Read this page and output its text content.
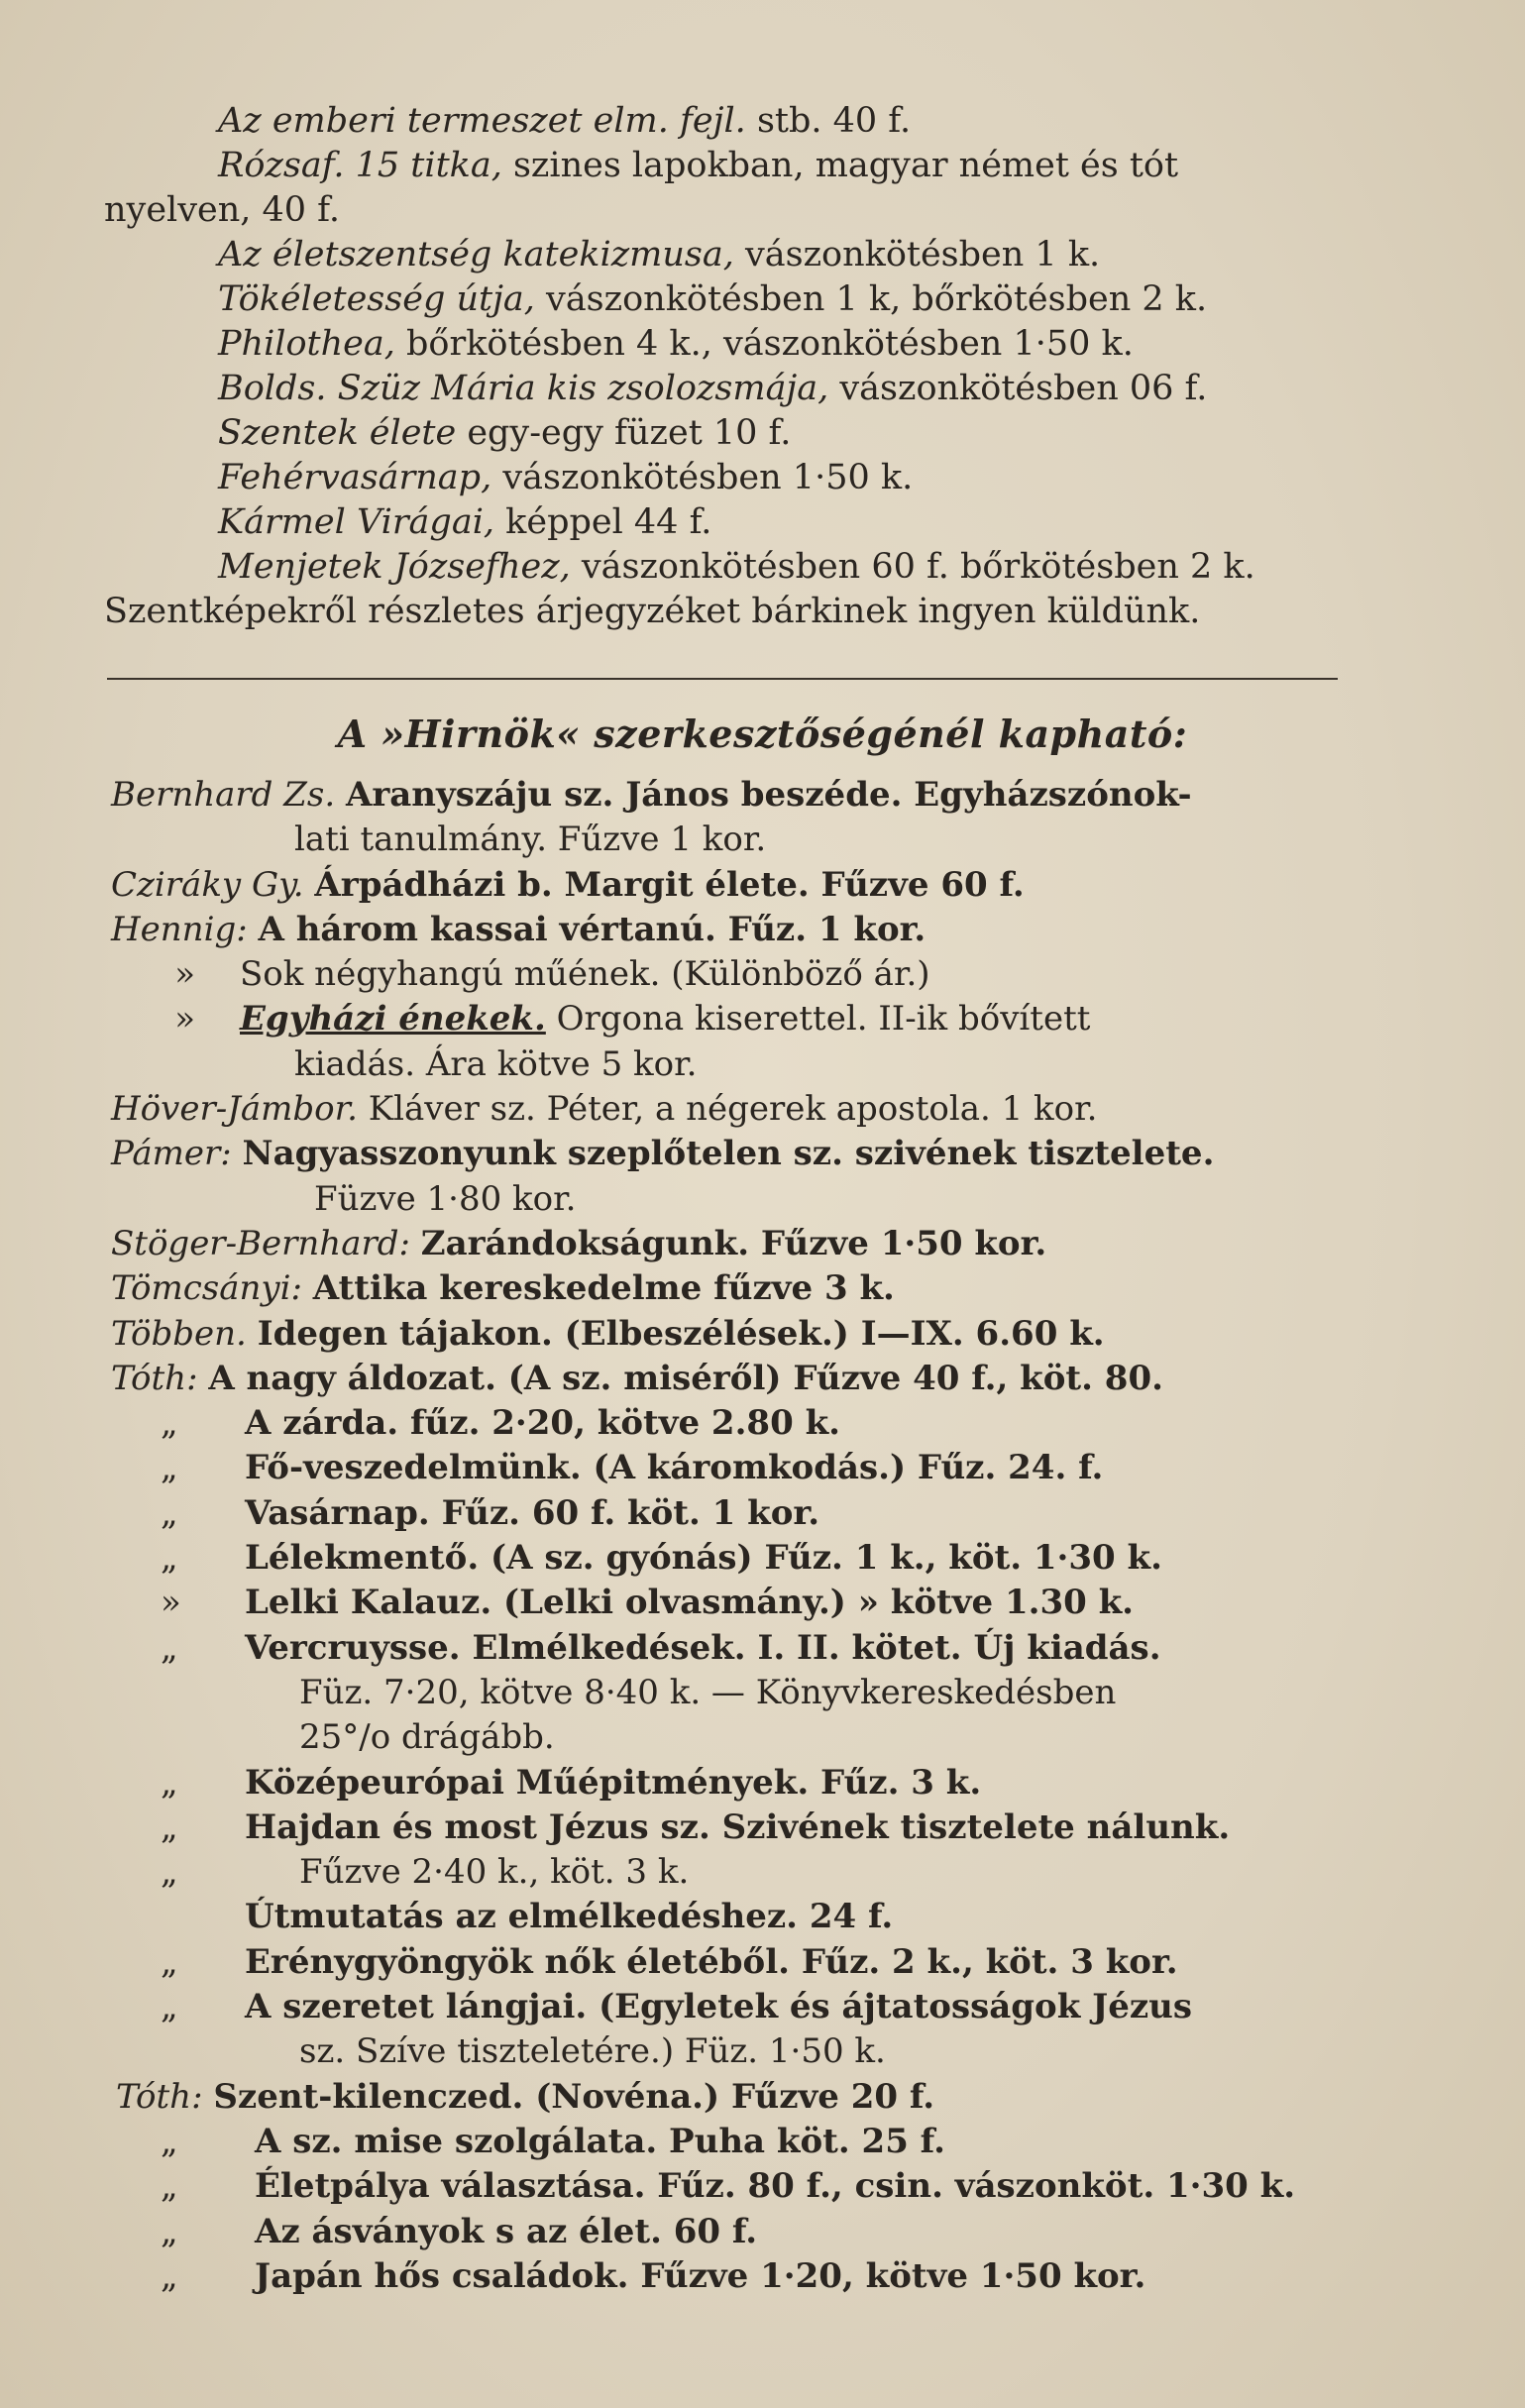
Az emberi termeszet elm. fejl. stb. 40 f.

Rózsaf. 15 titka, szines lapokban, magyar német és tót

nyelven, 40 f.

Az életszentség katekizmusa, vászonkötésben 1 k.

Tökéletesség útja, vászonkötésben 1 k, bőrkötésben 2 k.

Philothea, bőrkötésben 4 k., vászonkötésben 1·50 k.

Bolds. Szüz Mária kis zsolozsmája, vászonkötésben 06 f.

Szentek élete egy-egy füzet 10 f.

Fehérvasárnap, vászonkötésben 1·50 k.

Kármel Virágai, képpel 44 f.

Menjetek Józsefhez, vászonkötésben 60 f. bőrkötésben 2 k.

Szentképekről részletes árjegyzéket bárkinek ingyen küldünk.

A »Hirnök« szerkesztőségénél kapható:
Bernhard Zs.
Aranyszáju sz. János beszéde. Egyházszónok-
lati tanulmány. Fűzve 1 kor.
Cziráky Gy.
Árpádházi b. Margit élete. Fűzve 60 f.
Hennig:
A három kassai vértanú. Fűz. 1 kor.
»	Sok négyhangú műének. (Különböző ár.)
»	Egyházi énekek. Orgona kiserettel. II-ik bővített
kiadás. Ára kötve 5 kor.
Höver-Jámbor.
Kláver sz. Péter, a négerek apostola. 1 kor.
Pámer:
Nagyasszonyunk szeplőtelen sz. szivének tisztelete.
Füzve 1·80 kor.
Stöger-Bernhard:
Zarándokságunk. Fűzve 1·50 kor.
Tömcsányi:
Attika kereskedelme fűzve 3 k.
Többen.
Idegen tájakon. (Elbeszélések.) I—IX. 6.60 k.
Tóth:
A nagy áldozat. (A sz. miséről) Fűzve 40 f., köt. 80.
„	A zárda. fűz. 2·20, kötve 2.80 k.
„	Fő-veszedelmünk. (A káromkodás.) Fűz. 24. f.
„	Vasárnap. Fűz. 60 f. köt. 1 kor.
„	Lélekmentő. (A sz. gyónás) Fűz. 1 k., köt. 1·30 k.
»	Lelki Kalauz. (Lelki olvasmány.) » kötve 1.30 k.
„	Vercruysse. Elmélkedések. I. II. kötet. Új kiadás.
Füz. 7·20, kötve 8·40 k. — Könyvkereskedésben
25°/o drágább.
„	Középeurópai Műépitmények. Fűz. 3 k.
„	Hajdan és most Jézus sz. Szivének tisztelete nálunk.
„	Fűzve 2·40 k., köt. 3 k.
Útmutatás az elmélkedéshez. 24 f.
„	Erénygyöngyök nők életéből. Fűz. 2 k., köt. 3 kor.
„	A szeretet lángjai. (Egyletek és ájtatosságok Jézus
sz. Szíve tiszteletére.) Füz. 1·50 k.
Tóth:
Szent-kilenczed. (Novéna.) Fűzve 20 f.
„	A sz. mise szolgálata. Puha köt. 25 f.
„	Életpálya választása. Fűz. 80 f., csin. vászonköt. 1·30 k.
„	Az ásványok s az élet. 60 f.
„	Japán hős családok. Fűzve 1·20, kötve 1·50 kor.
